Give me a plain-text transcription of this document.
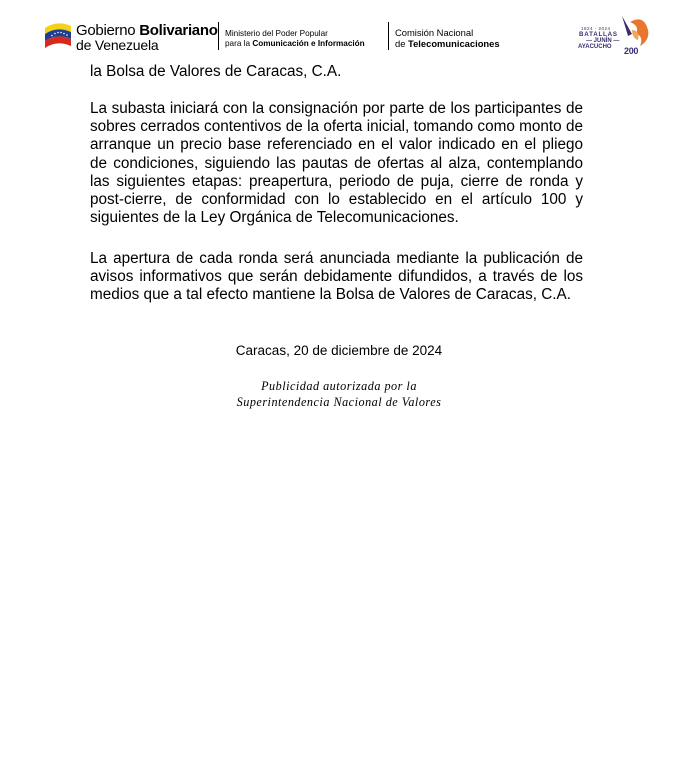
Gobierno Bolivariano
de Venezuela
Ministerio del Poder Popular
para la Comunicación e Información
Comisión Nacional
de Telecomunicaciones
1824 - 2024
BATALLAS
— JUNÍN —
AYACUCHO 200
la Bolsa de Valores de Caracas, C.A.
La subasta iniciará con la consignación por parte de los participantes de sobres cerrados contentivos de la oferta inicial, tomando como monto de arranque un precio base referenciado en el valor indicado en el pliego de condiciones, siguiendo las pautas de ofertas al alza, contemplando las siguientes etapas: preapertura, periodo de puja, cierre de ronda y post-cierre, de conformidad con lo establecido en el artículo 100 y siguientes de la Ley Orgánica de Telecomunicaciones.
La apertura de cada ronda será anunciada mediante la publicación de avisos informativos que serán debidamente difundidos, a través de los medios que a tal efecto mantiene la Bolsa de Valores de Caracas, C.A.
Caracas, 20 de diciembre de 2024
Publicidad autorizada por la
Superintendencia Nacional de Valores
